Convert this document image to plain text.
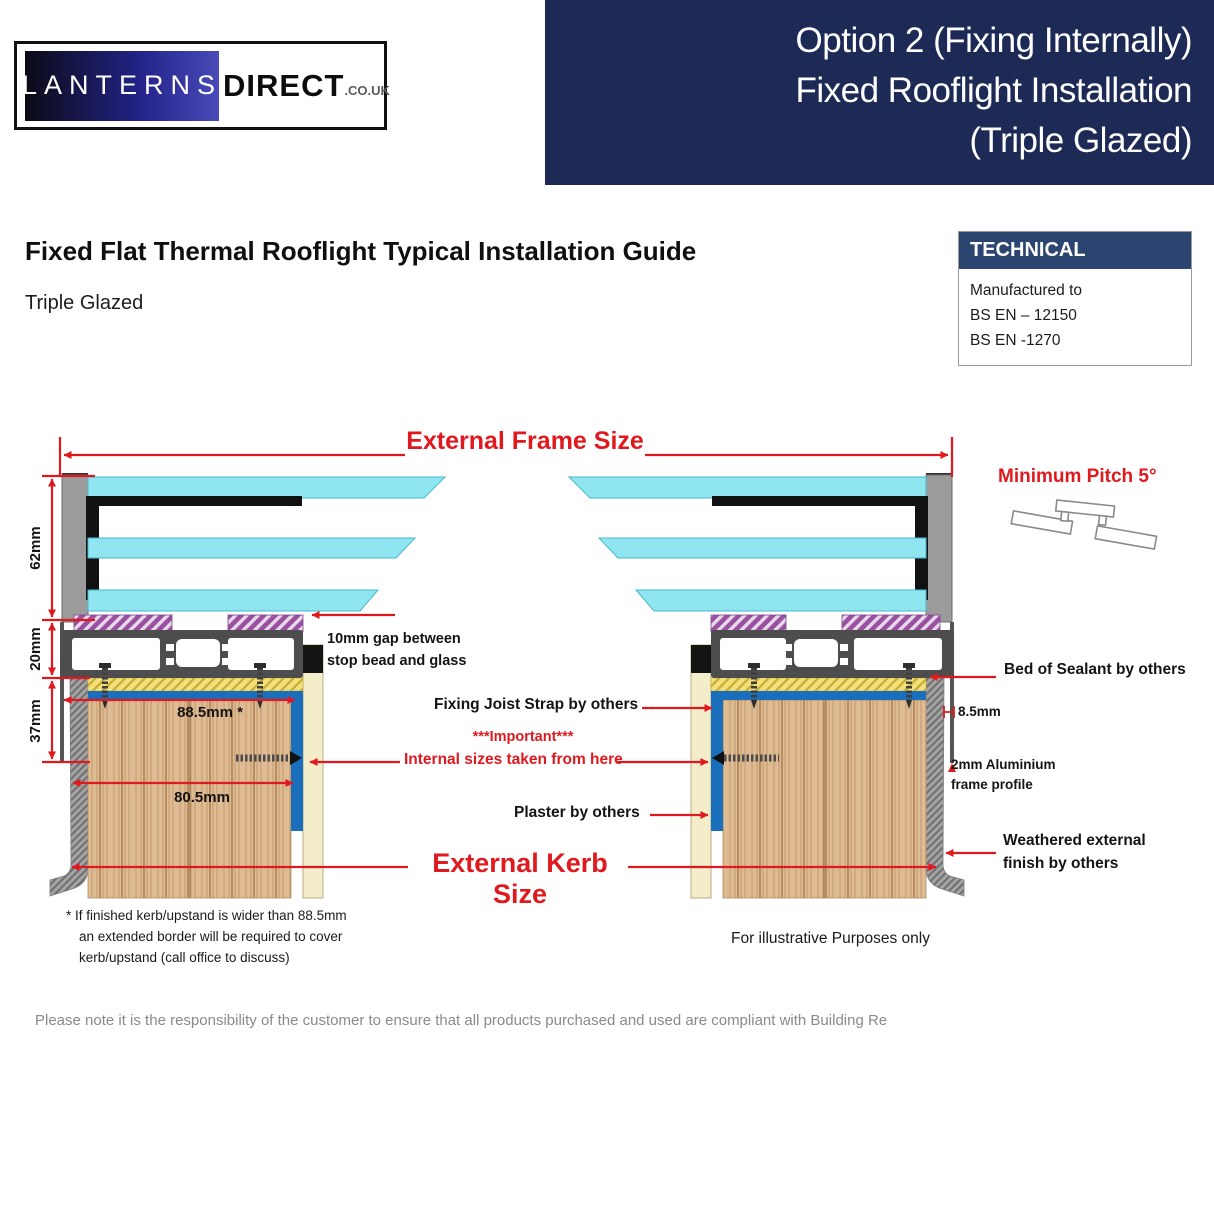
LANTERNS DIRECT .CO.UK
Option 2 (Fixing Internally)
Fixed Rooflight Installation
(Triple Glazed)
Fixed Flat Thermal Rooflight Typical Installation Guide
Triple Glazed
TECHNICAL
Manufactured to
BS EN – 12150
BS EN -1270
External Frame Size
External Kerb Size
Minimum Pitch 5°
62mm
20mm
37mm	88.5mm *
80.5mm
8.5mm
10mm gap between stop bead and glass
Fixing Joist Strap by others
***Important***
Internal sizes taken from here
Plaster by others
Bed of Sealant by others
2mm Aluminium frame profile
Weathered external finish by others
* If finished kerb/upstand is wider than 88.5mm
an extended border will be required to cover
kerb/upstand (call office to discuss)
For illustrative Purposes only
Please note it is the responsibility of the customer to ensure that all products purchased and used are compliant with Building Re
